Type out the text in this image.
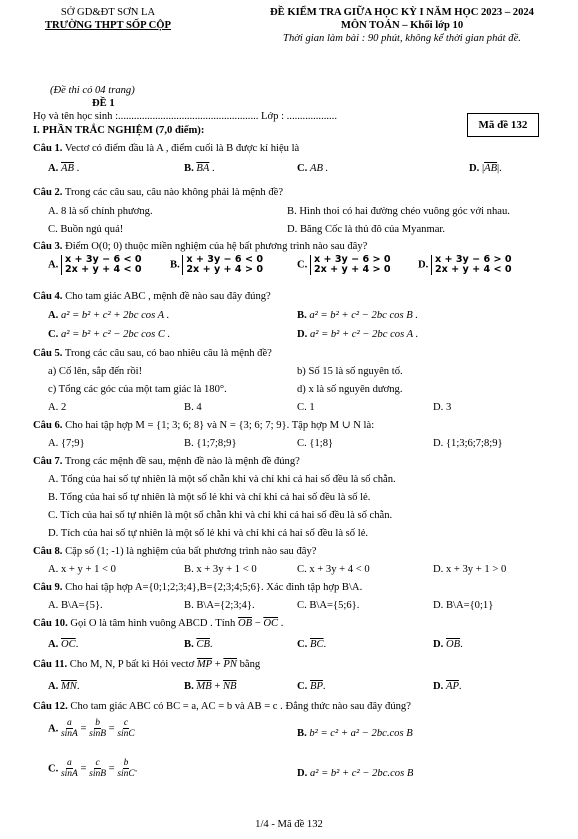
SỞ GD&ĐT SƠN LA
TRƯỜNG THPT SỐP CỘP
ĐỀ KIỂM TRA GIỮA HỌC KỲ I NĂM HỌC 2023 – 2024
MÔN TOÁN – Khối lớp 10
Thời gian làm bài : 90 phút, không kể thời gian phát đề.
(Đề thi có 04 trang)
ĐỀ 1
Họ và tên học sinh :..................................................... Lớp : ...................
Mã đề 132
I. PHẦN TRẮC NGHIỆM (7,0 điểm):
Câu 1. Vectơ có điểm đầu là A , điểm cuối là B được kí hiệu là
A. $\overline{AB}$ .	B. $\overline{BA}$ .	C. AB .	D. $|\overline{AB}|$.
Câu 2. Trong các câu sau, câu nào không phải là mệnh đề?
A. 8 là số chính phương.	B. Hình thoi có hai đường chéo vuông góc với nhau.
C. Buồn ngủ quá!	D. Băng Cốc là thủ đô của Myanmar.
Câu 3. Điểm O(0; 0) thuộc miền nghiệm của hệ bất phương trình nào sau đây?
A. x + 3y − 6 < 0
2x + y + 4 < 0	B. x + 3y − 6 < 0
2x + y + 4 > 0	C. x + 3y − 6 > 0
2x + y + 4 > 0	D. x + 3y − 6 > 0
2x + y + 4 < 0
Câu 4. Cho tam giác ABC , mệnh đề nào sau đây đúng?
A. a² = b² + c² + 2bc cos A .	B. a² = b² + c² − 2bc cos B .
C. a² = b² + c² − 2bc cos C .	D. a² = b² + c² − 2bc cos A .
Câu 5. Trong các câu sau, có bao nhiêu câu là mệnh đề?
a) Cố lên, sắp đến rồi!	b) Số 15 là số nguyên tố.
c) Tổng các góc của một tam giác là 180°.	d) x là số nguyên dương.
A. 2	B. 4	C. 1	D. 3
Câu 6. Cho hai tập hợp M = {1; 3; 6; 8} và N = {3; 6; 7; 9}. Tập hợp M ∪ N là:
A. {7;9}	B. {1;7;8;9}	C. {1;8}	D. {1;3;6;7;8;9}
Câu 7. Trong các mệnh đề sau, mệnh đề nào là mệnh đề đúng?
A. Tổng của hai số tự nhiên là một số chẵn khi và chỉ khi cả hai số đều là số chẵn.
B. Tổng của hai số tự nhiên là một số lẻ khi và chỉ khi cả hai số đều là số lẻ.
C. Tích của hai số tự nhiên là một số chẵn khi và chỉ khi cả hai số đều là số chẵn.
D. Tích của hai số tự nhiên là một số lẻ khi và chỉ khi cả hai số đều là số lẻ.
Câu 8. Cặp số (1; -1) là nghiệm của bất phương trình nào sau đây?
A. x + y + 1 < 0	B. x + 3y + 1 < 0	C. x + 3y + 4 < 0	D. x + 3y + 1 > 0
Câu 9. Cho hai tập hợp A={0;1;2;3;4},B={2;3;4;5;6}. Xác đinh tập hợp B\A.
A. B\A={5}.	B. B\A={2;3;4}.	C. B\A={5;6}.	D. B\A={0;1}
Câu 10. Gọi O là tâm hình vuông ABCD . Tính $\overline{OB} - \overline{OC}$ .
A. $\overline{OC}$.	B. $\overline{CB}$.	C. $\overline{BC}$.	D. $\overline{OB}$.
Câu 11. Cho M, N, P bất kì Hỏi vectơ $\overline{MP} + \overline{PN}$ bằng
A. $\overline{MN}$.	B. $\overline{MB} + \overline{NB}$	C. $\overline{BP}$.	D. $\overline{AP}$.
Câu 12. Cho tam giác ABC có BC = a, AC = b và AB = c . Đẳng thức nào sau đây đúng?
A. $\frac{a}{\sin A} = \frac{b}{\sin B} = \frac{c}{\sin C}$	B. b² = c² + a² − 2bc.cos B
C. $\frac{a}{\sin A} = \frac{c}{\sin B} = \frac{b}{\sin C}$ .	D. a² = b² + c² − 2bc.cos B
1/4 - Mã đề 132
